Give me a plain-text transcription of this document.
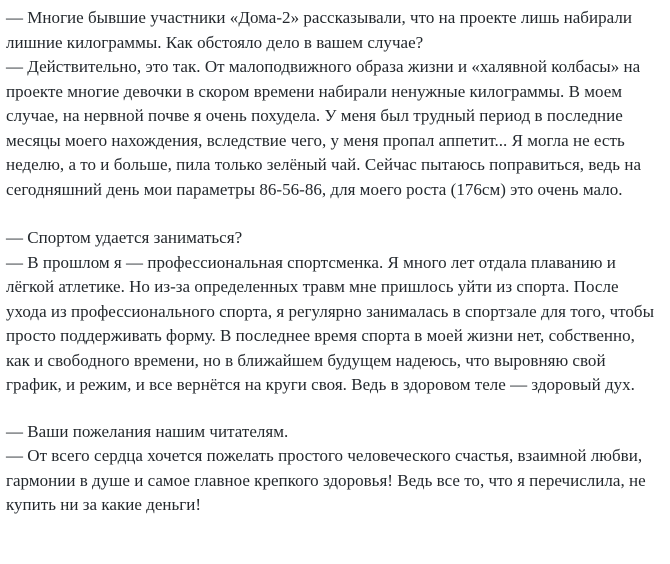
— Многие бывшие участники «Дома-2» рассказывали, что на проекте лишь набирали лишние килограммы. Как обстояло дело в вашем случае?

— Действительно, это так. От малоподвижного образа жизни и «халявной колбасы» на проекте многие девочки в скором времени набирали ненужные килограммы. В моем случае, на нервной почве я очень похудела. У меня был трудный период в последние месяцы моего нахождения, вследствие чего, у меня пропал аппетит... Я могла не есть неделю, а то и больше, пила только зелёный чай. Сейчас пытаюсь поправиться, ведь на сегодняшний день мои параметры 86-56-86, для моего роста (176см) это очень мало.

— Спортом удается заниматься?

— В прошлом я — профессиональная спортсменка. Я много лет отдала плаванию и лёгкой атлетике. Но из-за определенных травм мне пришлось уйти из спорта. После ухода из профессионального спорта, я регулярно занималась в спортзале для того, чтобы просто поддерживать форму. В последнее время спорта в моей жизни нет, собственно, как и свободного времени, но в ближайшем будущем надеюсь, что выровняю свой график, и режим, и все вернётся на круги своя. Ведь в здоровом теле — здоровый дух.

— Ваши пожелания нашим читателям.

— От всего сердца хочется пожелать простого человеческого счастья, взаимной любви, гармонии в душе и самое главное крепкого здоровья! Ведь все то, что я перечислила, не купить ни за какие деньги!
